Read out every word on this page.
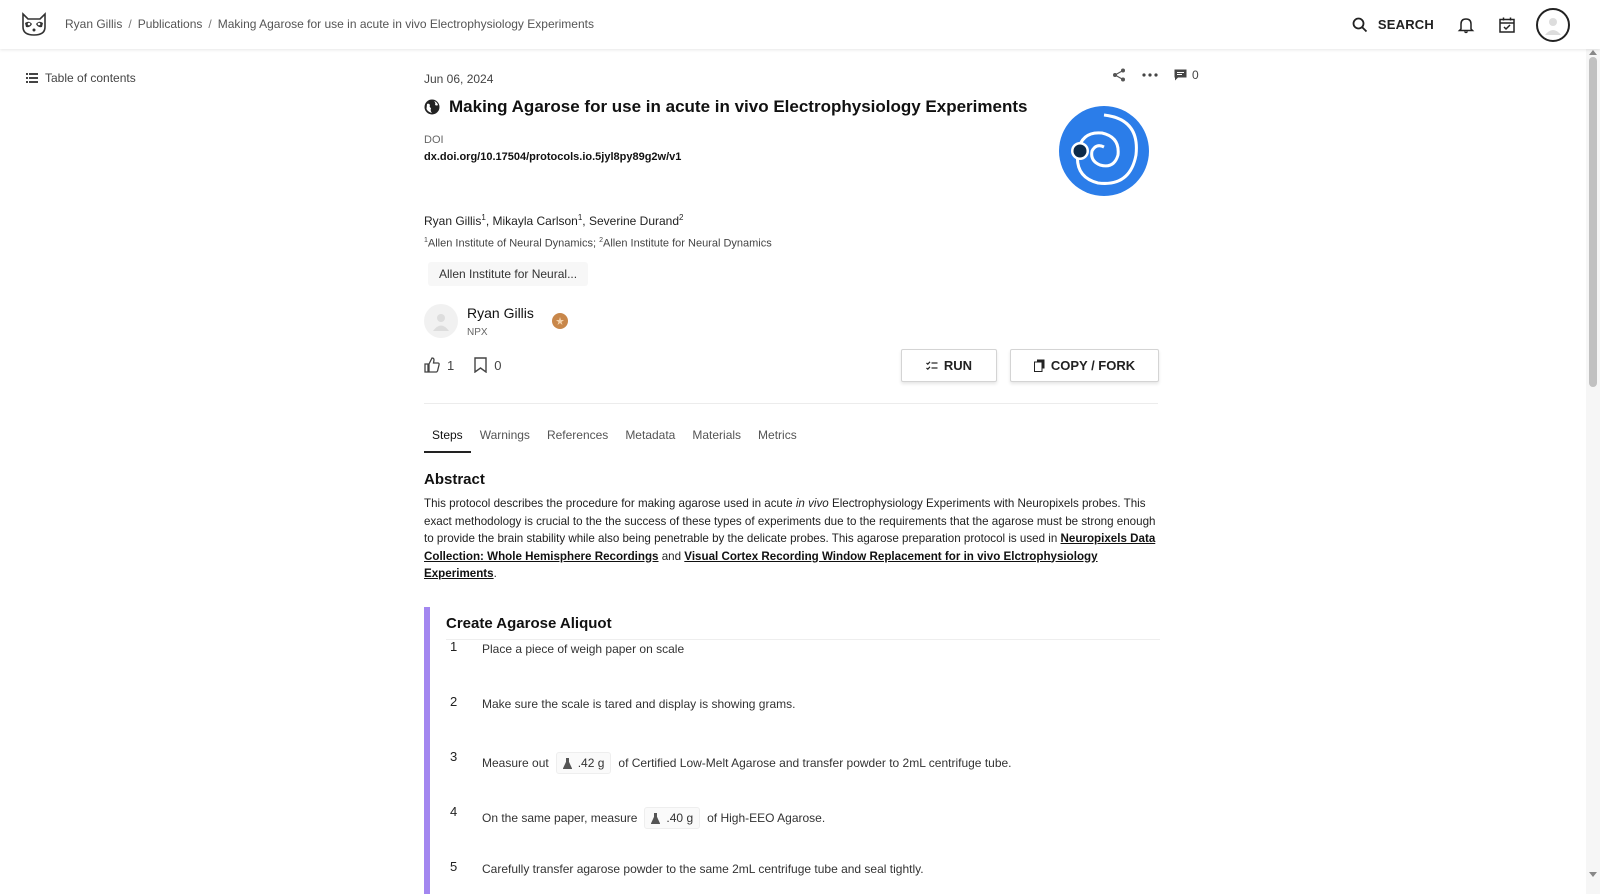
Ryan Gillis / Publications / Making Agarose for use in acute in vivo Electrophysiology Experiments	SEARCH
Table of contents	Jun 06, 2024	0
Making Agarose for use in acute in vivo Electrophysiology Experiments
DOI
dx.doi.org/10.17504/protocols.io.5jyl8py89g2w/v1
Ryan Gillis$^1$, Mikayla Carlson$^1$, Severine Durand$^2$
$^1$Allen Institute of Neural Dynamics; $^2$Allen Institute for Neural Dynamics
Allen Institute for Neural...
Ryan Gillis
NPX
1	0	RUN	COPY / FORK
Steps	Warnings	References	Metadata	Materials	Metrics
Abstract

This protocol describes the procedure for making agarose used in acute in vivo Electrophysiology Experiments with Neuropixels probes. This exact methodology is crucial to the the success of these types of experiments due to the requirements that the agarose must be strong enough to provide the brain stability while also being penetrable by the delicate probes. This agarose preparation protocol is used in Neuropixels Data Collection: Whole Hemisphere Recordings and Visual Cortex Recording Window Replacement for in vivo Elctrophysiology Experiments.

Create Agarose Aliquot
1 Place a piece of weigh paper on scale
2 Make sure the scale is tared and display is showing grams.
3 Measure out .42 g of Certified Low-Melt Agarose and transfer powder to 2mL centrifuge tube.
4 On the same paper, measure .40 g of High-EEO Agarose.
5 Carefully transfer agarose powder to the same 2mL centrifuge tube and seal tightly.
